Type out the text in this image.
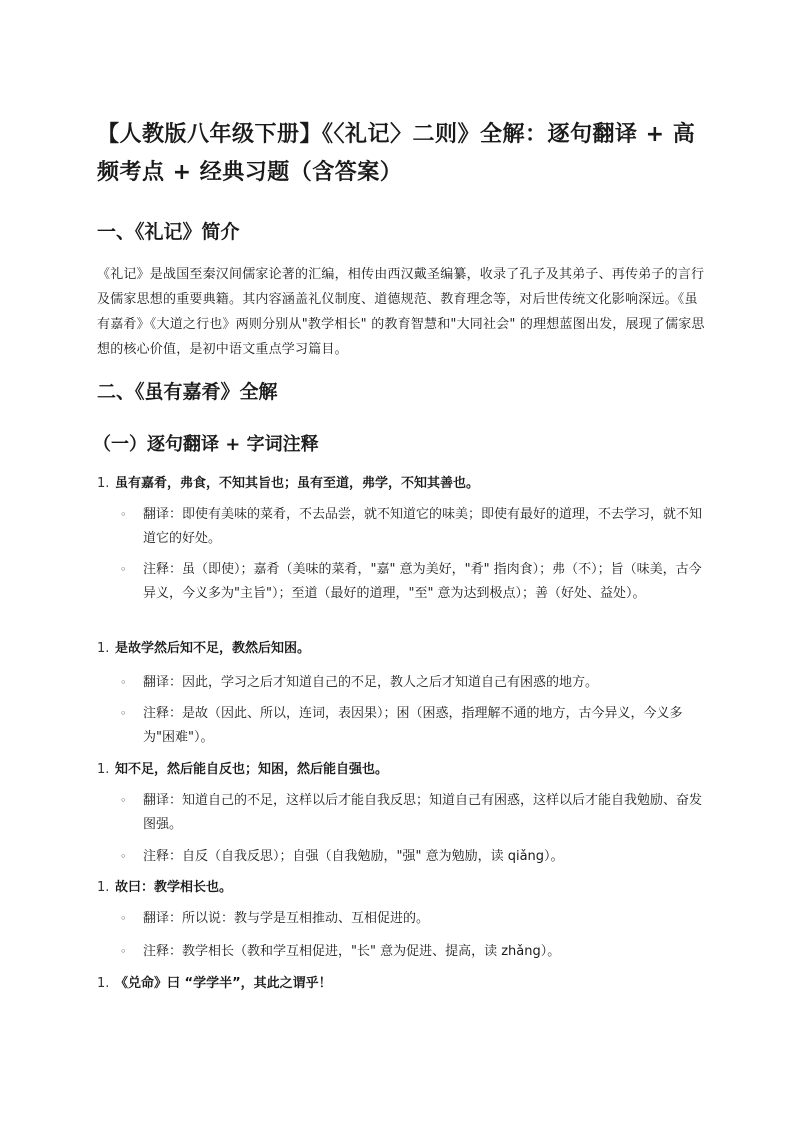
【人教版八年级下册】《〈礼记〉二则》全解：逐句翻译 + 高频考点 + 经典习题（含答案）
一、《礼记》简介

《礼记》是战国至秦汉间儒家论著的汇编，相传由西汉戴圣编纂，收录了孔子及其弟子、再传弟子的言行及儒家思想的重要典籍。其内容涵盖礼仪制度、道德规范、教育理念等，对后世传统文化影响深远。《虽有嘉肴》《大道之行也》两则分别从"教学相长" 的教育智慧和"大同社会" 的理想蓝图出发，展现了儒家思想的核心价值，是初中语文重点学习篇目。

二、《虽有嘉肴》全解
（一）逐句翻译 + 字词注释
1. 虽有嘉肴，弗食，不知其旨也；虽有至道，弗学，不知其善也。
◦ 翻译：即使有美味的菜肴，不去品尝，就不知道它的味美；即使有最好的道理，不去学习，就不知道它的好处。
◦ 注释：虽（即使）；嘉肴（美味的菜肴，"嘉" 意为美好，"肴" 指肉食）；弗（不）；旨（味美，古今异义，今义多为"主旨"）；至道（最好的道理，"至" 意为达到极点）；善（好处、益处）。
1. 是故学然后知不足，教然后知困。
◦ 翻译：因此，学习之后才知道自己的不足，教人之后才知道自己有困惑的地方。
◦ 注释：是故（因此、所以，连词，表因果）；困（困惑，指理解不通的地方，古今异义，今义多为"困难"）。
1. 知不足，然后能自反也；知困，然后能自强也。
◦ 翻译：知道自己的不足，这样以后才能自我反思；知道自己有困惑，这样以后才能自我勉励、奋发图强。
◦ 注释：自反（自我反思）；自强（自我勉励，"强" 意为勉励，读 qiǎng）。
1. 故曰：教学相长也。
◦ 翻译：所以说：教与学是互相推动、互相促进的。
◦ 注释：教学相长（教和学互相促进，"长" 意为促进、提高，读 zhǎng）。
1. 《兑命》曰 “学学半”，其此之谓乎！
